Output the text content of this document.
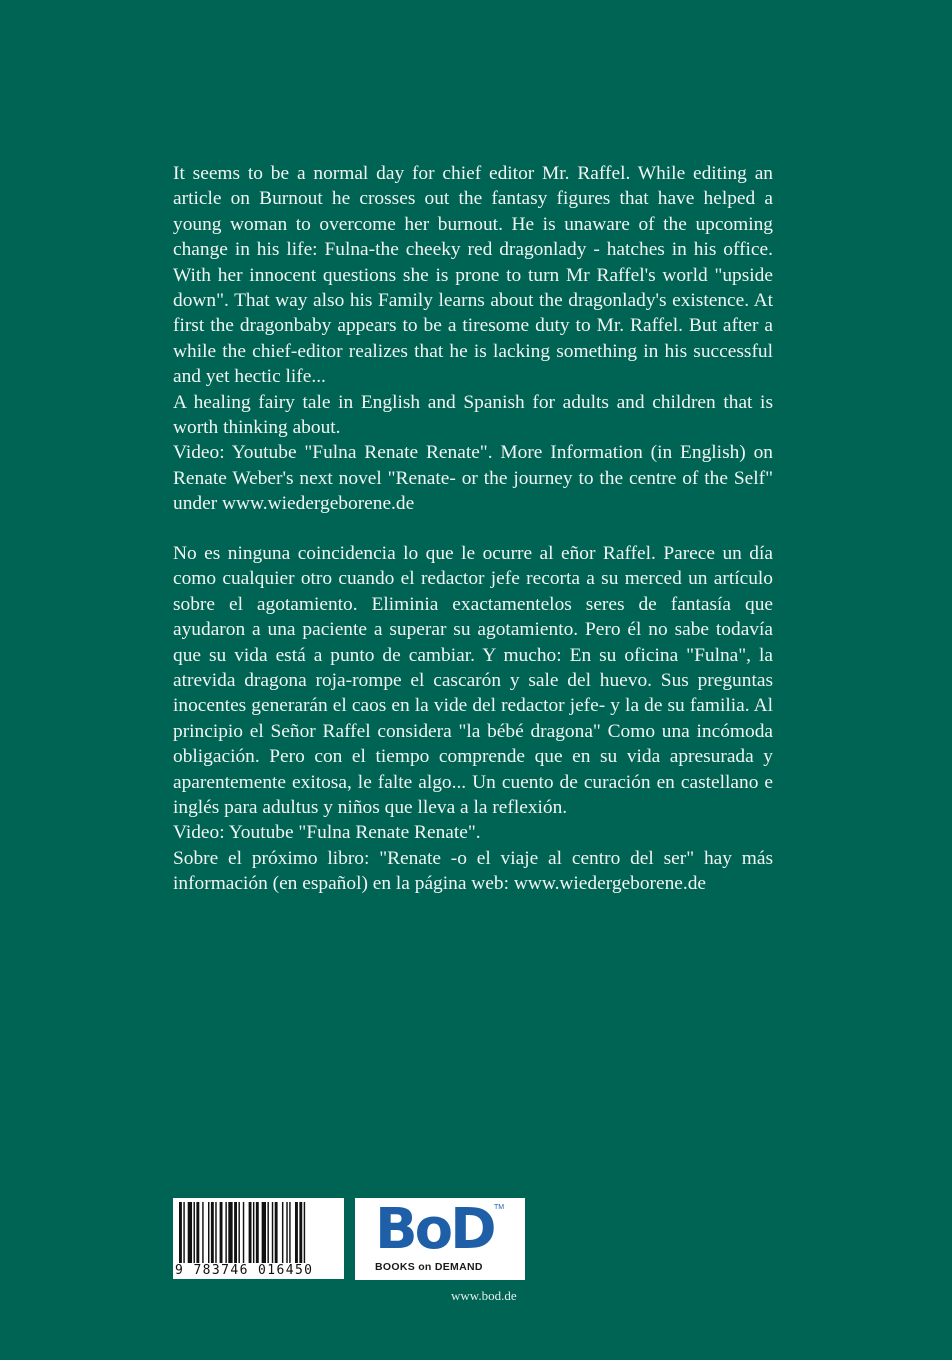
It seems to be a normal day for chief editor Mr. Raffel. While editing an article on Burnout he crosses out the fantasy figures that have helped a young woman to overcome her burnout. He is unaware of the upcoming change in his life: Fulna-the cheeky red dragonlady - hatches in his office. With her innocent questions she is prone to turn Mr Raffel's world "upside down". That way also his Family learns about the dragonlady's existence. At first the dragonbaby appears to be a tiresome duty to Mr. Raffel. But after a while the chief-editor realizes that he is lacking something in his successful and yet hectic life...

A healing fairy tale in English and Spanish for adults and children that is worth thinking about.

Video: Youtube "Fulna Renate Renate". More Information (in English) on Renate Weber's next novel "Renate- or the journey to the centre of the Self" under www.wiedergeborene.de

No es ninguna coincidencia lo que le ocurre al eñor Raffel. Parece un día como cualquier otro cuando el redactor jefe recorta a su merced un artículo sobre el agotamiento. Eliminia exactamentelos seres de fantasía que ayudaron a una paciente a superar su agotamiento. Pero él no sabe todavía que su vida está a punto de cambiar. Y mucho: En su oficina "Fulna", la atrevida dragona roja-rompe el cascarón y sale del huevo. Sus preguntas inocentes generarán el caos en la vide del redactor jefe- y la de su familia. Al principio el Señor Raffel considera "la bébé dragona" Como una incómoda obligación. Pero con el tiempo comprende que en su vida apresurada y aparentemente exitosa, le falte algo... Un cuento de curación en castellano e inglés para adultus y niños que lleva a la reflexión.

Video: Youtube "Fulna Renate Renate".

Sobre el próximo libro: "Renate -o el viaje al centro del ser" hay más información (en español) en la página web: www.wiedergeborene.de

9 783746 016450
BoD TM
BOOKS on DEMAND
www.bod.de
